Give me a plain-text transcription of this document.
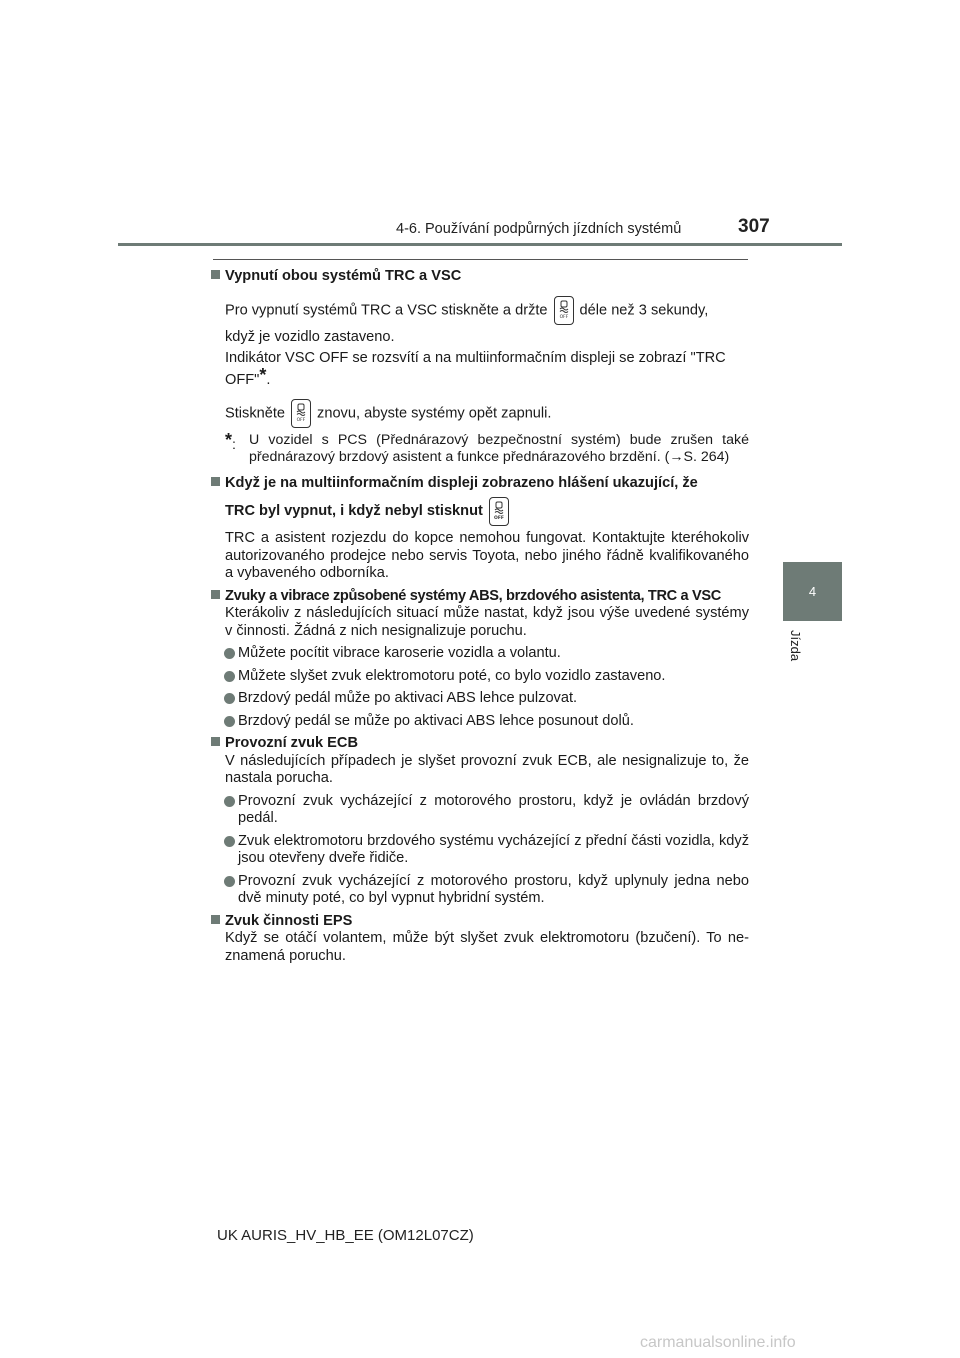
4-6. Používání podpůrných jízdních systémů	307
4
Jízda

Vypnutí obou systémů TRC a VSC

Pro vypnutí systémů TRC a VSC stiskněte a držte	OFF déle než 3 sekundy,
když je vozidlo zastaveno.

Indikátor VSC OFF se rozsvítí a na multiinformačním displeji se zobrazí "TRC
OFF"*.

Stiskněte	OFF znovu, abyste systémy opět zapnuli.

*: U vozidel s PCS (Přednárazový bezpečnostní systém) bude zrušen také přednárazový brzdový asistent a funkce přednárazového brzdění. (→S. 264)

Když je na multiinformačním displeji zobrazeno hlášení ukazující, že

TRC byl vypnut, i když nebyl stisknut OFF

TRC a asistent rozjezdu do kopce nemohou fungovat. Kontaktujte kteréhokoliv autorizovaného prodejce nebo servis Toyota, nebo jiného řádně kvalifikovaného a vybaveného odborníka.

Zvuky a vibrace způsobené systémy ABS, brzdového asistenta, TRC a VSC

Kterákoliv z následujících situací může nastat, když jsou výše uvedené systémy v činnosti. Žádná z nich nesignalizuje poruchu.

Můžete pocítit vibrace karoserie vozidla a volantu.

Můžete slyšet zvuk elektromotoru poté, co bylo vozidlo zastaveno.

Brzdový pedál může po aktivaci ABS lehce pulzovat.

Brzdový pedál se může po aktivaci ABS lehce posunout dolů.

Provozní zvuk ECB

V následujících případech je slyšet provozní zvuk ECB, ale nesignalizuje to, že nastala porucha.

Provozní zvuk vycházející z motorového prostoru, když je ovládán brzdový pedál.

Zvuk elektromotoru brzdového systému vycházející z přední části vozidla, když jsou otevřeny dveře řidiče.

Provozní zvuk vycházející z motorového prostoru, když uplynuly jedna nebo dvě minuty poté, co byl vypnut hybridní systém.

Zvuk činnosti EPS

Když se otáčí volantem, může být slyšet zvuk elektromotoru (bzučení). To neznamená poruchu.

UK AURIS_HV_HB_EE (OM12L07CZ)
carmanualsonline.info
